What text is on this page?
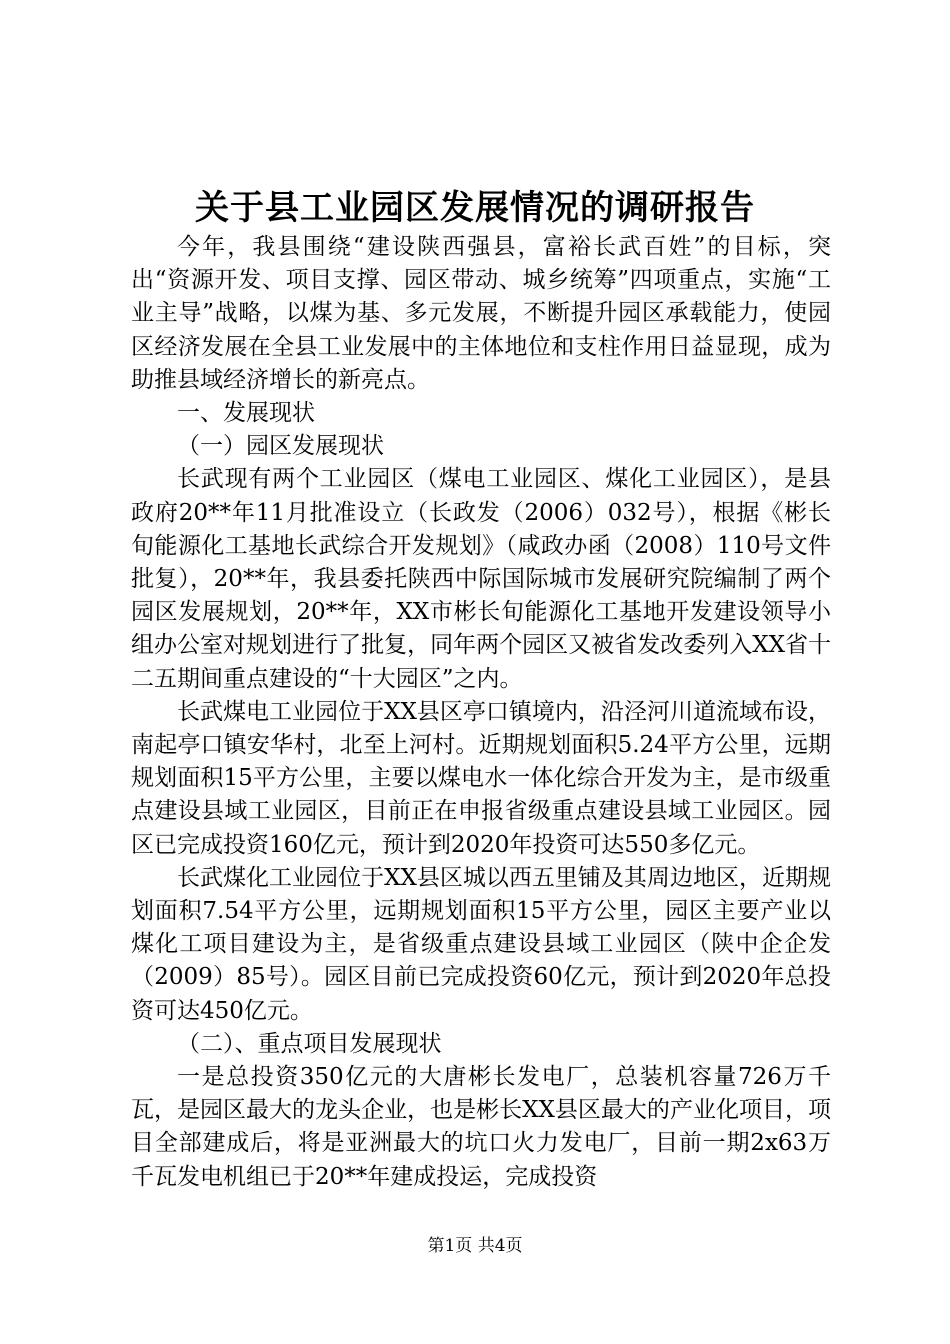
关于县工业园区发展情况的调研报告

今年，我县围绕“建设陕西强县，富裕长武百姓”的目标，突出“资源开发、项目支撑、园区带动、城乡统筹”四项重点，实施“工业主导”战略，以煤为基、多元发展，不断提升园区承载能力，使园区经济发展在全县工业发展中的主体地位和支柱作用日益显现，成为助推县域经济增长的新亮点。

一、发展现状

（一）园区发展现状

长武现有两个工业园区（煤电工业园区、煤化工业园区），是县政府20**年11月批准设立（长政发（2006）032号），根据《彬长旬能源化工基地长武综合开发规划》（咸政办函（2008）110号文件批复），20**年，我县委托陕西中际国际城市发展研究院编制了两个园区发展规划，20**年，XX市彬长旬能源化工基地开发建设领导小组办公室对规划进行了批复，同年两个园区又被省发改委列入XX省十二五期间重点建设的“十大园区”之内。

长武煤电工业园位于XX县区亭口镇境内，沿泾河川道流域布设，南起亭口镇安华村，北至上河村。近期规划面积5.24平方公里，远期规划面积15平方公里，主要以煤电水一体化综合开发为主，是市级重点建设县域工业园区，目前正在申报省级重点建设县域工业园区。园区已完成投资160亿元，预计到2020年投资可达550多亿元。

长武煤化工业园位于XX县区城以西五里铺及其周边地区，近期规划面积7.54平方公里，远期规划面积15平方公里，园区主要产业以煤化工项目建设为主，是省级重点建设县域工业园区（陕中企企发（2009）85号）。园区目前已完成投资60亿元，预计到2020年总投资可达450亿元。

（二）、重点项目发展现状

一是总投资350亿元的大唐彬长发电厂，总装机容量726万千瓦，是园区最大的龙头企业，也是彬长XX县区最大的产业化项目，项目全部建成后，将是亚洲最大的坑口火力发电厂，目前一期2x63万千瓦发电机组已于20**年建成投运，完成投资

第1页 共4页
